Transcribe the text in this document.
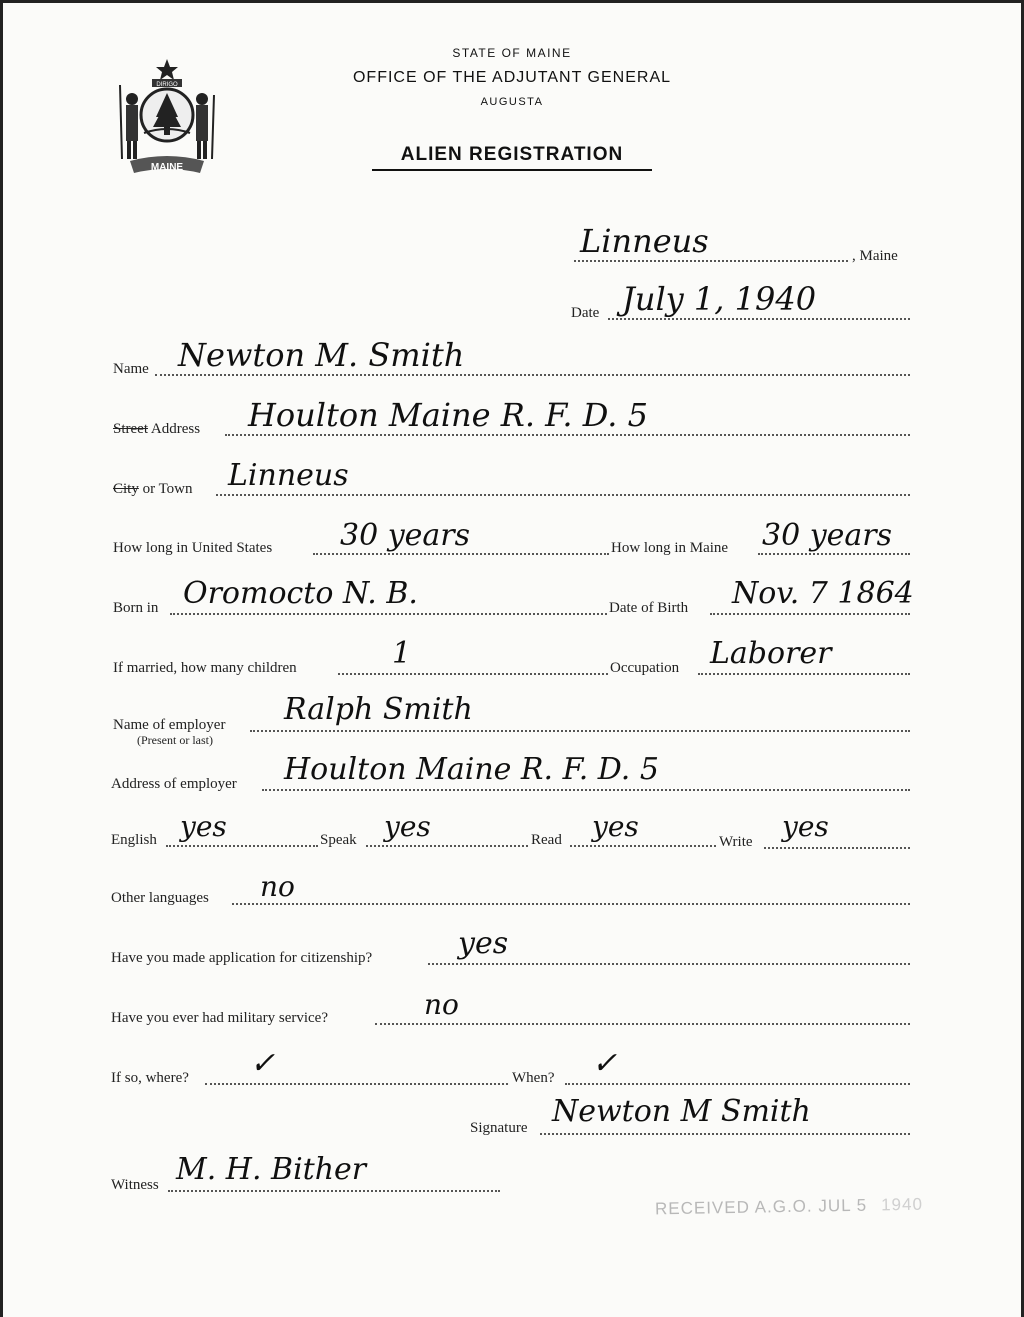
MAINE
DIRIGO
STATE OF MAINE
OFFICE OF THE ADJUTANT GENERAL
AUGUSTA
ALIEN REGISTRATION
Linneus	, Maine
Date July 1, 1940
Name Newton M. Smith
Street Address Houlton Maine R. F. D. 5
City or Town Linneus
How long in United States 30 years	How long in Maine 30 years
Born in Oromocto N. B.	Date of Birth Nov. 7 1864
If married, how many children	1	Occupation Laborer
Name of employer
(Present or last)
Ralph Smith
Address of employer Houlton Maine R. F. D. 5
English yes	Speak yes	Read yes	Write yes
Other languages no
Have you made application for citizenship?	yes
Have you ever had military service?	no
If so, where? ✓	When? ✓
Signature Newton M Smith
Witness M. H. Bither
RECEIVED A.G.O. JUL 5 1940
